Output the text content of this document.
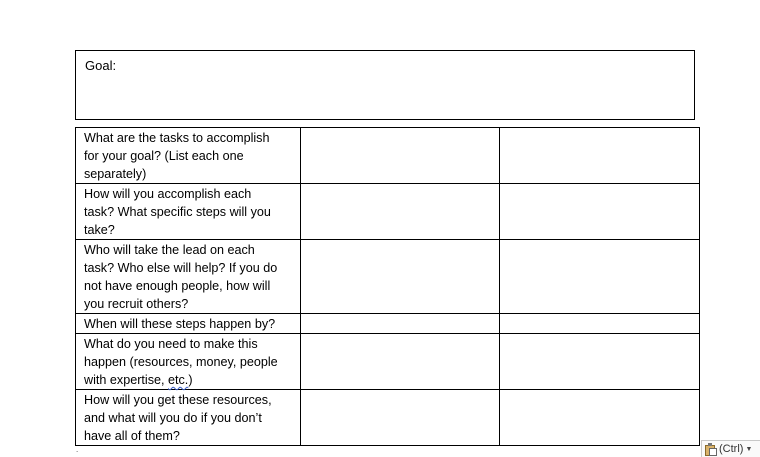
Goal:
What are the tasks to accomplish
for your goal? (List each one
separately)		
How will you accomplish each
task? What specific steps will you
take?		
Who will take the lead on each
task? Who else will help? If you do
not have enough people, how will
you recruit others?		
When will these steps happen by?		
What do you need to make this
happen (resources, money, people
with expertise, etc.)		
How will you get these resources,
and what will you do if you don’t
have all of them?		
.	(Ctrl) ▼
